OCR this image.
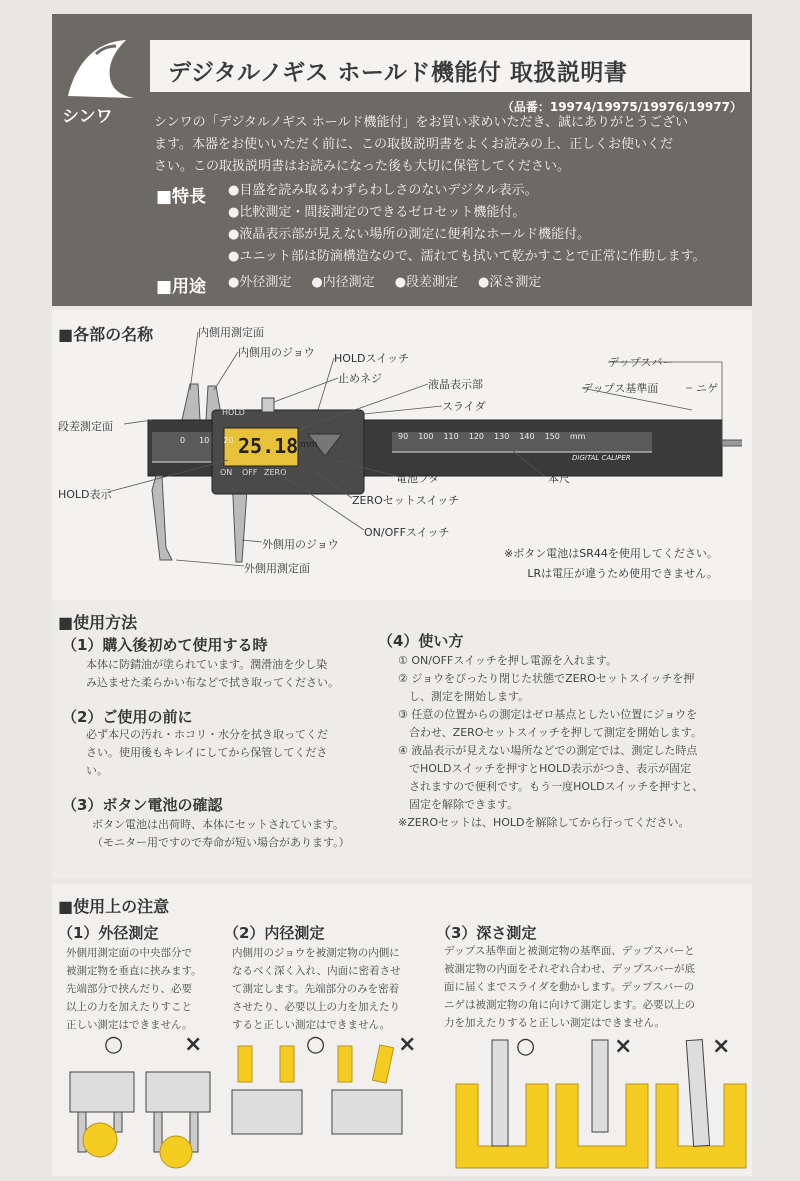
シンワ
デジタルノギス ホールド機能付 取扱説明書
（品番：19974/19975/19976/19977）
シンワの「デジタルノギス ホールド機能付」をお買い求めいただき、誠にありがとうござい
ます。本器をお使いいただく前に、この取扱説明書をよくお読みの上、正しくお使いくだ
さい。この取扱説明書はお読みになった後も大切に保管してください。
■特長 ●目盛を読み取るわずらわしさのないデジタル表示。
●比較測定・間接測定のできるゼロセット機能付。
●液晶表示部が見えない場所の測定に便利なホールド機能付。
●ユニット部は防滴構造なので、濡れても拭いて乾かすことで正常に作動します。
■用途 ●外径測定 ●内径測定 ●段差測定 ●深さ測定
■各部の名称
25.18 mm
HOLD
ON OFF ZERO
0 10 20	90 100 110 120 130 140 150 mm
DIGITAL CALIPER
内側用測定面
内側用のジョウ HOLDスイッチ
止めネジ	液晶表示部
スライダ
デップスバー
デップス基準面	ニゲ
段差測定面
HOLD表示
電池フタ	本尺
ZEROセットスイッチ
ON/OFFスイッチ
外側用のジョウ
外側用測定面
※ボタン電池はSR44を使用してください。
LRは電圧が違うため使用できません。
■使用方法
（1）購入後初めて使用する時
本体に防錆油が塗られています。潤滑油を少し染
み込ませた柔らかい布などで拭き取ってください。
（2）ご使用の前に
必ず本尺の汚れ・ホコリ・水分を拭き取ってくだ
さい。使用後もキレイにしてから保管してくださ
い。
（3）ボタン電池の確認
ボタン電池は出荷時、本体にセットされています。
（モニター用ですので寿命が短い場合があります。）
（4）使い方
① ON/OFFスイッチを押し電源を入れます。
② ジョウをぴったり閉じた状態でZEROセットスイッチを押
　し、測定を開始します。
③ 任意の位置からの測定はゼロ基点としたい位置にジョウを
　合わせ、ZEROセットスイッチを押して測定を開始します。
④ 液晶表示が見えない場所などでの測定では、測定した時点
　でHOLDスイッチを押すとHOLD表示がつき、表示が固定
　されますので便利です。もう一度HOLDスイッチを押すと、
　固定を解除できます。
※ZEROセットは、HOLDを解除してから行ってください。
■使用上の注意
（1）外径測定
外側用測定面の中央部分で
被測定物を垂直に挟みます。
先端部分で挟んだり、必要
以上の力を加えたりすこと
正しい測定はできません。
（2）内径測定
内側用のジョウを被測定物の内側に
なるべく深く入れ、内面に密着させ
て測定します。先端部分のみを密着
させたり、必要以上の力を加えたり
すると正しい測定はできません。
（3）深さ測定
デップス基準面と被測定物の基準面、デップスバーと
被測定物の内面をそれぞれ合わせ、デップスバーが底
面に届くまでスライダを動かします。デップスバーの
ニゲは被測定物の角に向けて測定します。必要以上の
力を加えたりすると正しい測定はできません。
○	×	○	×	○	×	×
